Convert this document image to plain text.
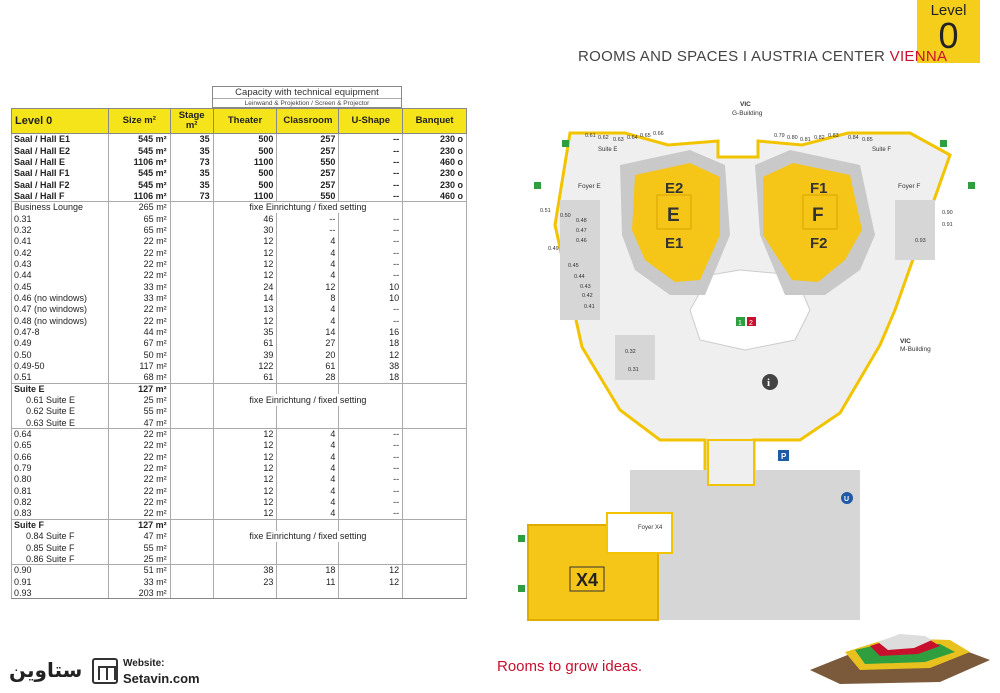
Level
0
ROOMS AND SPACES I AUSTRIA CENTER VIENNA
Capacity with technical equipment
Leinwand & Projektion / Screen & Projector
Level 0	Size m²	Stage m²	Theater	Classroom	U-Shape	Banquet
Saal / Hall E1	545 m²	35	500	257	--	230 o
Saal / Hall E2	545 m²	35	500	257	--	230 o
Saal / Hall E	1106 m²	73	1100	550	--	460 o
Saal / Hall F1	545 m²	35	500	257	--	230 o
Saal / Hall F2	545 m²	35	500	257	--	230 o
Saal / Hall F	1106 m²	73	1100	550	--	460 o
Business Lounge	265 m²		fixe Einrichtung / fixed setting			
0.31	65 m²		46	--	--	
0.32	65 m²		30	--	--	
0.41	22 m²		12	4	--	
0.42	22 m²		12	4	--	
0.43	22 m²		12	4	--	
0.44	22 m²		12	4	--	
0.45	33 m²		24	12	10	
0.46 (no windows)	33 m²		14	8	10	
0.47 (no windows)	22 m²		13	4	--	
0.48 (no windows)	22 m²		12	4	--	
0.47-8	44 m²		35	14	16	
0.49	67 m²		61	27	18	
0.50	50 m²		39	20	12	
0.49-50	117 m²		122	61	38	
0.51	68 m²		61	28	18	
Suite E	127 m²					
0.61 Suite E	25 m²		fixe Einrichtung / fixed setting			
0.62 Suite E	55 m²					
0.63 Suite E	47 m²					
0.64	22 m²		12	4	--	
0.65	22 m²		12	4	--	
0.66	22 m²		12	4	--	
0.79	22 m²		12	4	--	
0.80	22 m²		12	4	--	
0.81	22 m²		12	4	--	
0.82	22 m²		12	4	--	
0.83	22 m²		12	4	--	
Suite F	127 m²					
0.84 Suite F	47 m²		fixe Einrichtung / fixed setting			
0.85 Suite F	55 m²					
0.86 Suite F	25 m²					
0.90	51 m²		38	18	12	
0.91	33 m²		23	11	12	
0.93	203 m²					
E2
E
E1
F1
F
F2
VIC
G-Building
VIC
M-Building
Foyer E	Foyer F
Suite E	Suite F
0.61 0.62 0.63 0.64 0.65 0.66	0.79 0.80 0.81 0.82 0.83 0.84 0.85
0.51
0.50
0.49
0.48
0.47
0.46
0.45
0.44
0.43
0.42
0.41
0.90
0.91
0.93
0.32
0.31
i
1 2
P
U
Foyer X4
X4
Rooms to grow ideas.
ستاوین	Website:
Setavin.com
